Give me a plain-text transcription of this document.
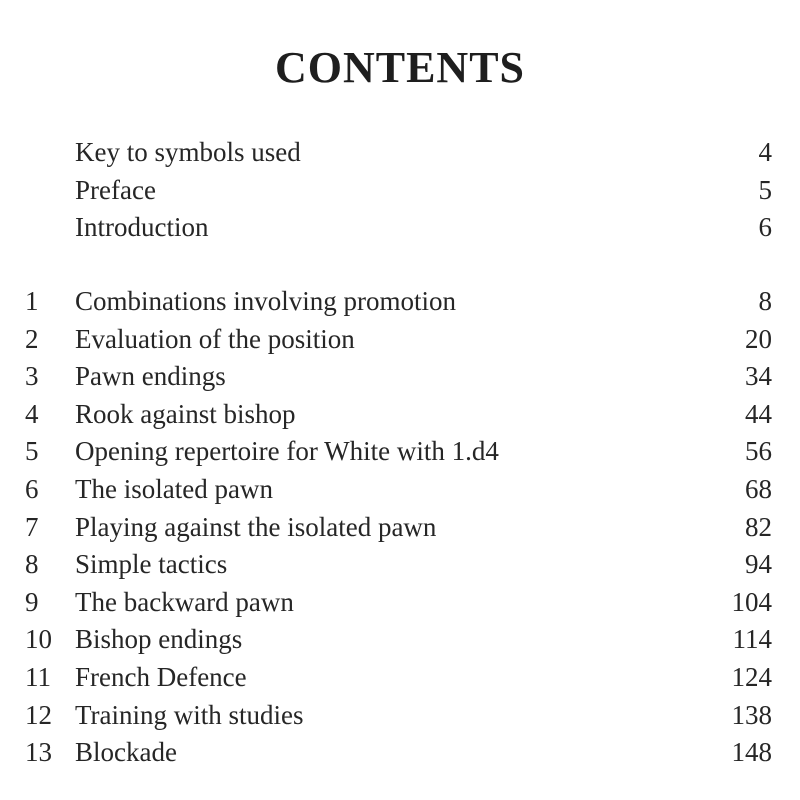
CONTENTS
Key to symbols used	4
Preface	5
Introduction	6
1	Combinations involving promotion	8
2	Evaluation of the position	20
3	Pawn endings	34
4	Rook against bishop	44
5	Opening repertoire for White with 1.d4	56
6	The isolated pawn	68
7	Playing against the isolated pawn	82
8	Simple tactics	94
9	The backward pawn	104
10 Bishop endings	114
11 French Defence	124
12 Training with studies	138
13 Blockade	148
